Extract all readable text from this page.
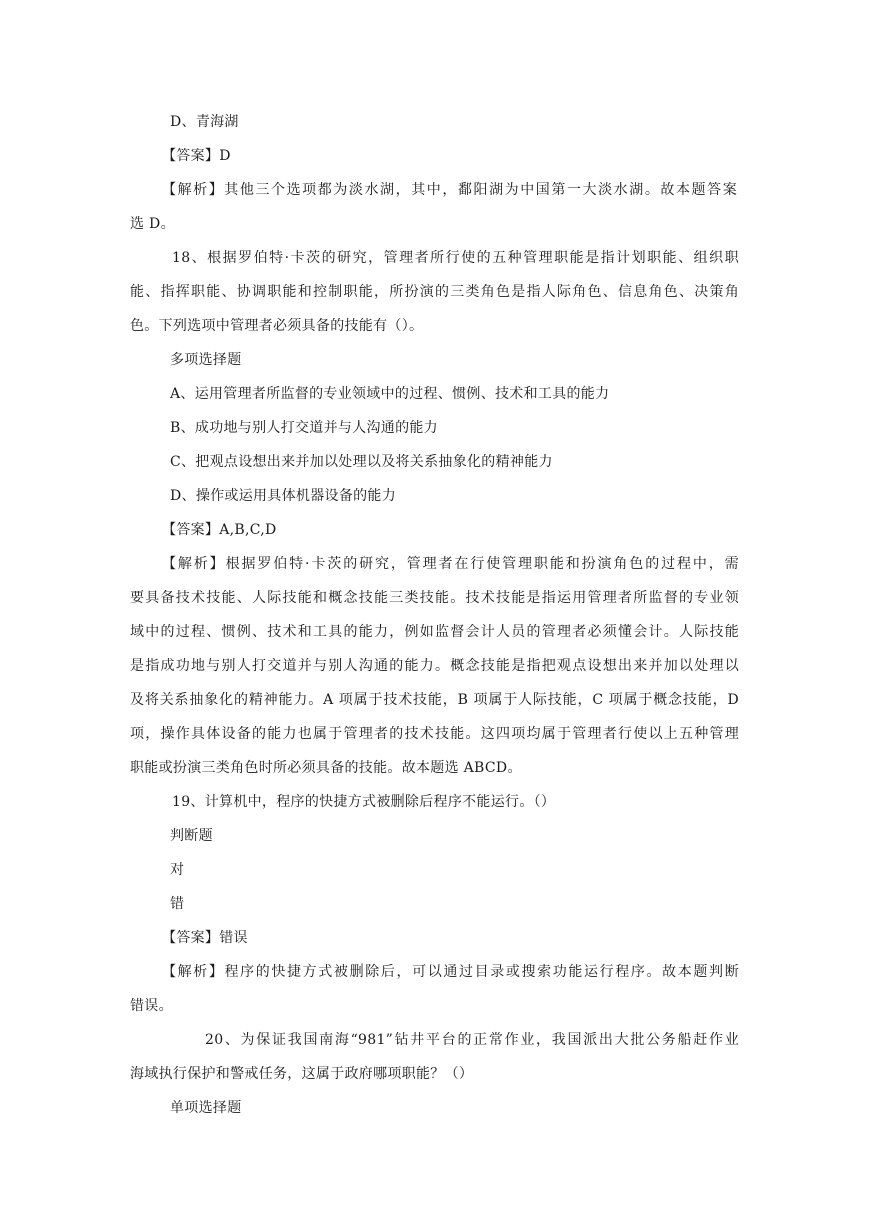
D、青海湖
【答案】D
【解析】其他三个选项都为淡水湖，其中，鄱阳湖为中国第一大淡水湖。故本题答案
选 D。
18、根据罗伯特·卡茨的研究，管理者所行使的五种管理职能是指计划职能、组织职
能、指挥职能、协调职能和控制职能，所扮演的三类角色是指人际角色、信息角色、决策角
色。下列选项中管理者必须具备的技能有（）。
多项选择题
A、运用管理者所监督的专业领域中的过程、惯例、技术和工具的能力
B、成功地与别人打交道并与人沟通的能力
C、把观点设想出来并加以处理以及将关系抽象化的精神能力
D、操作或运用具体机器设备的能力
【答案】A,B,C,D
【解析】根据罗伯特·卡茨的研究，管理者在行使管理职能和扮演角色的过程中，需
要具备技术技能、人际技能和概念技能三类技能。技术技能是指运用管理者所监督的专业领
域中的过程、惯例、技术和工具的能力，例如监督会计人员的管理者必须懂会计。人际技能
是指成功地与别人打交道并与别人沟通的能力。概念技能是指把观点设想出来并加以处理以
及将关系抽象化的精神能力。A 项属于技术技能，B 项属于人际技能，C 项属于概念技能，D
项，操作具体设备的能力也属于管理者的技术技能。这四项均属于管理者行使以上五种管理
职能或扮演三类角色时所必须具备的技能。故本题选 ABCD。
19、计算机中，程序的快捷方式被删除后程序不能运行。（）
判断题
对
错
【答案】错误
【解析】程序的快捷方式被删除后，可以通过目录或搜索功能运行程序。故本题判断
错误。
20、为保证我国南海“981”钻井平台的正常作业，我国派出大批公务船赶作业
海域执行保护和警戒任务，这属于政府哪项职能？（）
单项选择题
